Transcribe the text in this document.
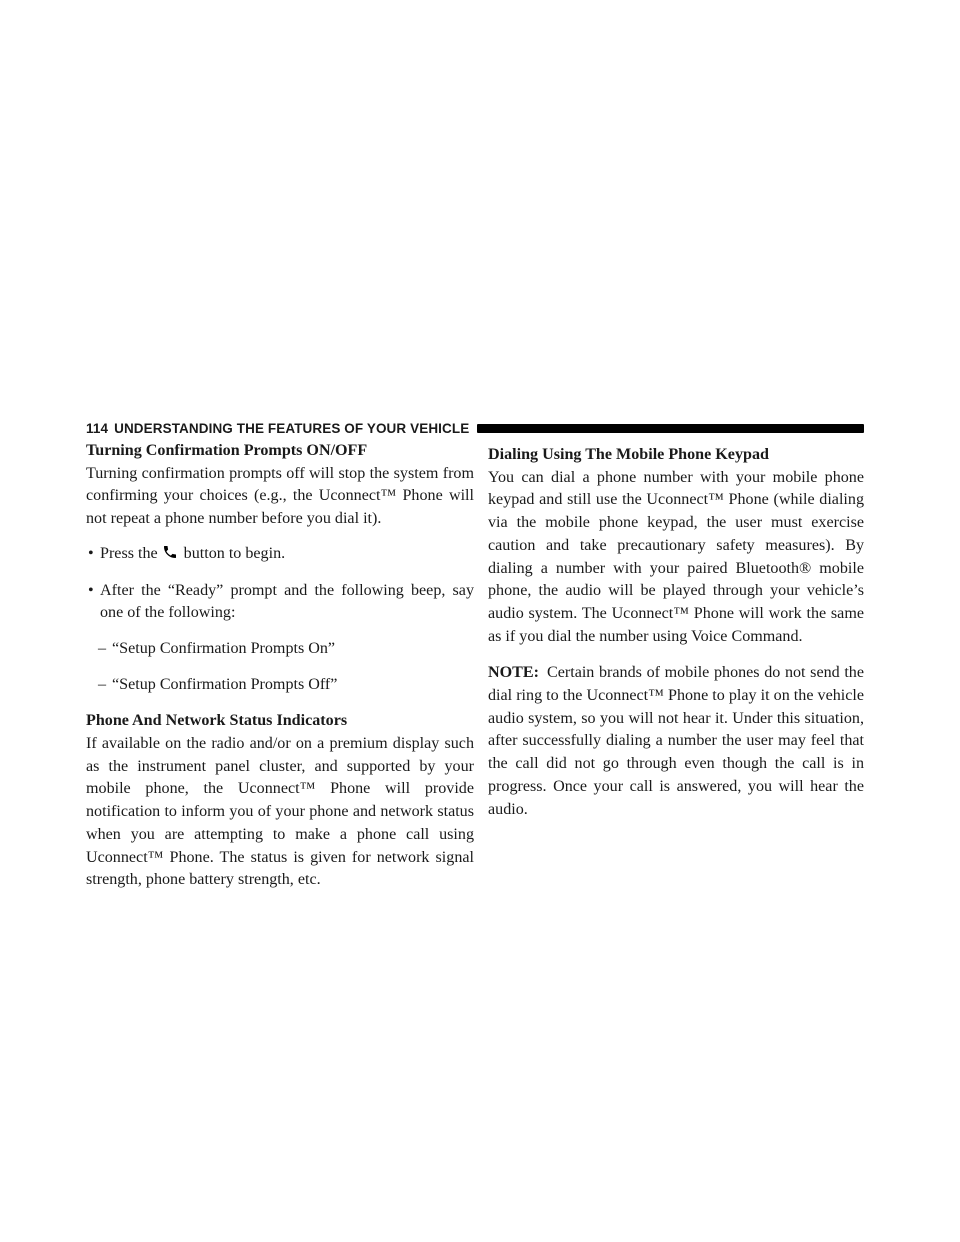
114 UNDERSTANDING THE FEATURES OF YOUR VEHICLE
Turning Confirmation Prompts ON/OFF

Turning confirmation prompts off will stop the system from confirming your choices (e.g., the Uconnect™ Phone will not repeat a phone number before you dial it).

• Press the button to begin.
• After the “Ready” prompt and the following beep, say one of the following:
– “Setup Confirmation Prompts On”
– “Setup Confirmation Prompts Off”
Phone And Network Status Indicators

If available on the radio and/or on a premium display such as the instrument panel cluster, and supported by your mobile phone, the Uconnect™ Phone will provide notification to inform you of your phone and network status when you are attempting to make a phone call using Uconnect™ Phone. The status is given for network signal strength, phone battery strength, etc.

Dialing Using The Mobile Phone Keypad

You can dial a phone number with your mobile phone keypad and still use the Uconnect™ Phone (while dialing via the mobile phone keypad, the user must exercise caution and take precautionary safety measures). By dialing a number with your paired Bluetooth® mobile phone, the audio will be played through your vehicle’s audio system. The Uconnect™ Phone will work the same as if you dial the number using Voice Command.

NOTE: Certain brands of mobile phones do not send the dial ring to the Uconnect™ Phone to play it on the vehicle audio system, so you will not hear it. Under this situation, after successfully dialing a number the user may feel that the call did not go through even though the call is in progress. Once your call is answered, you will hear the audio.
